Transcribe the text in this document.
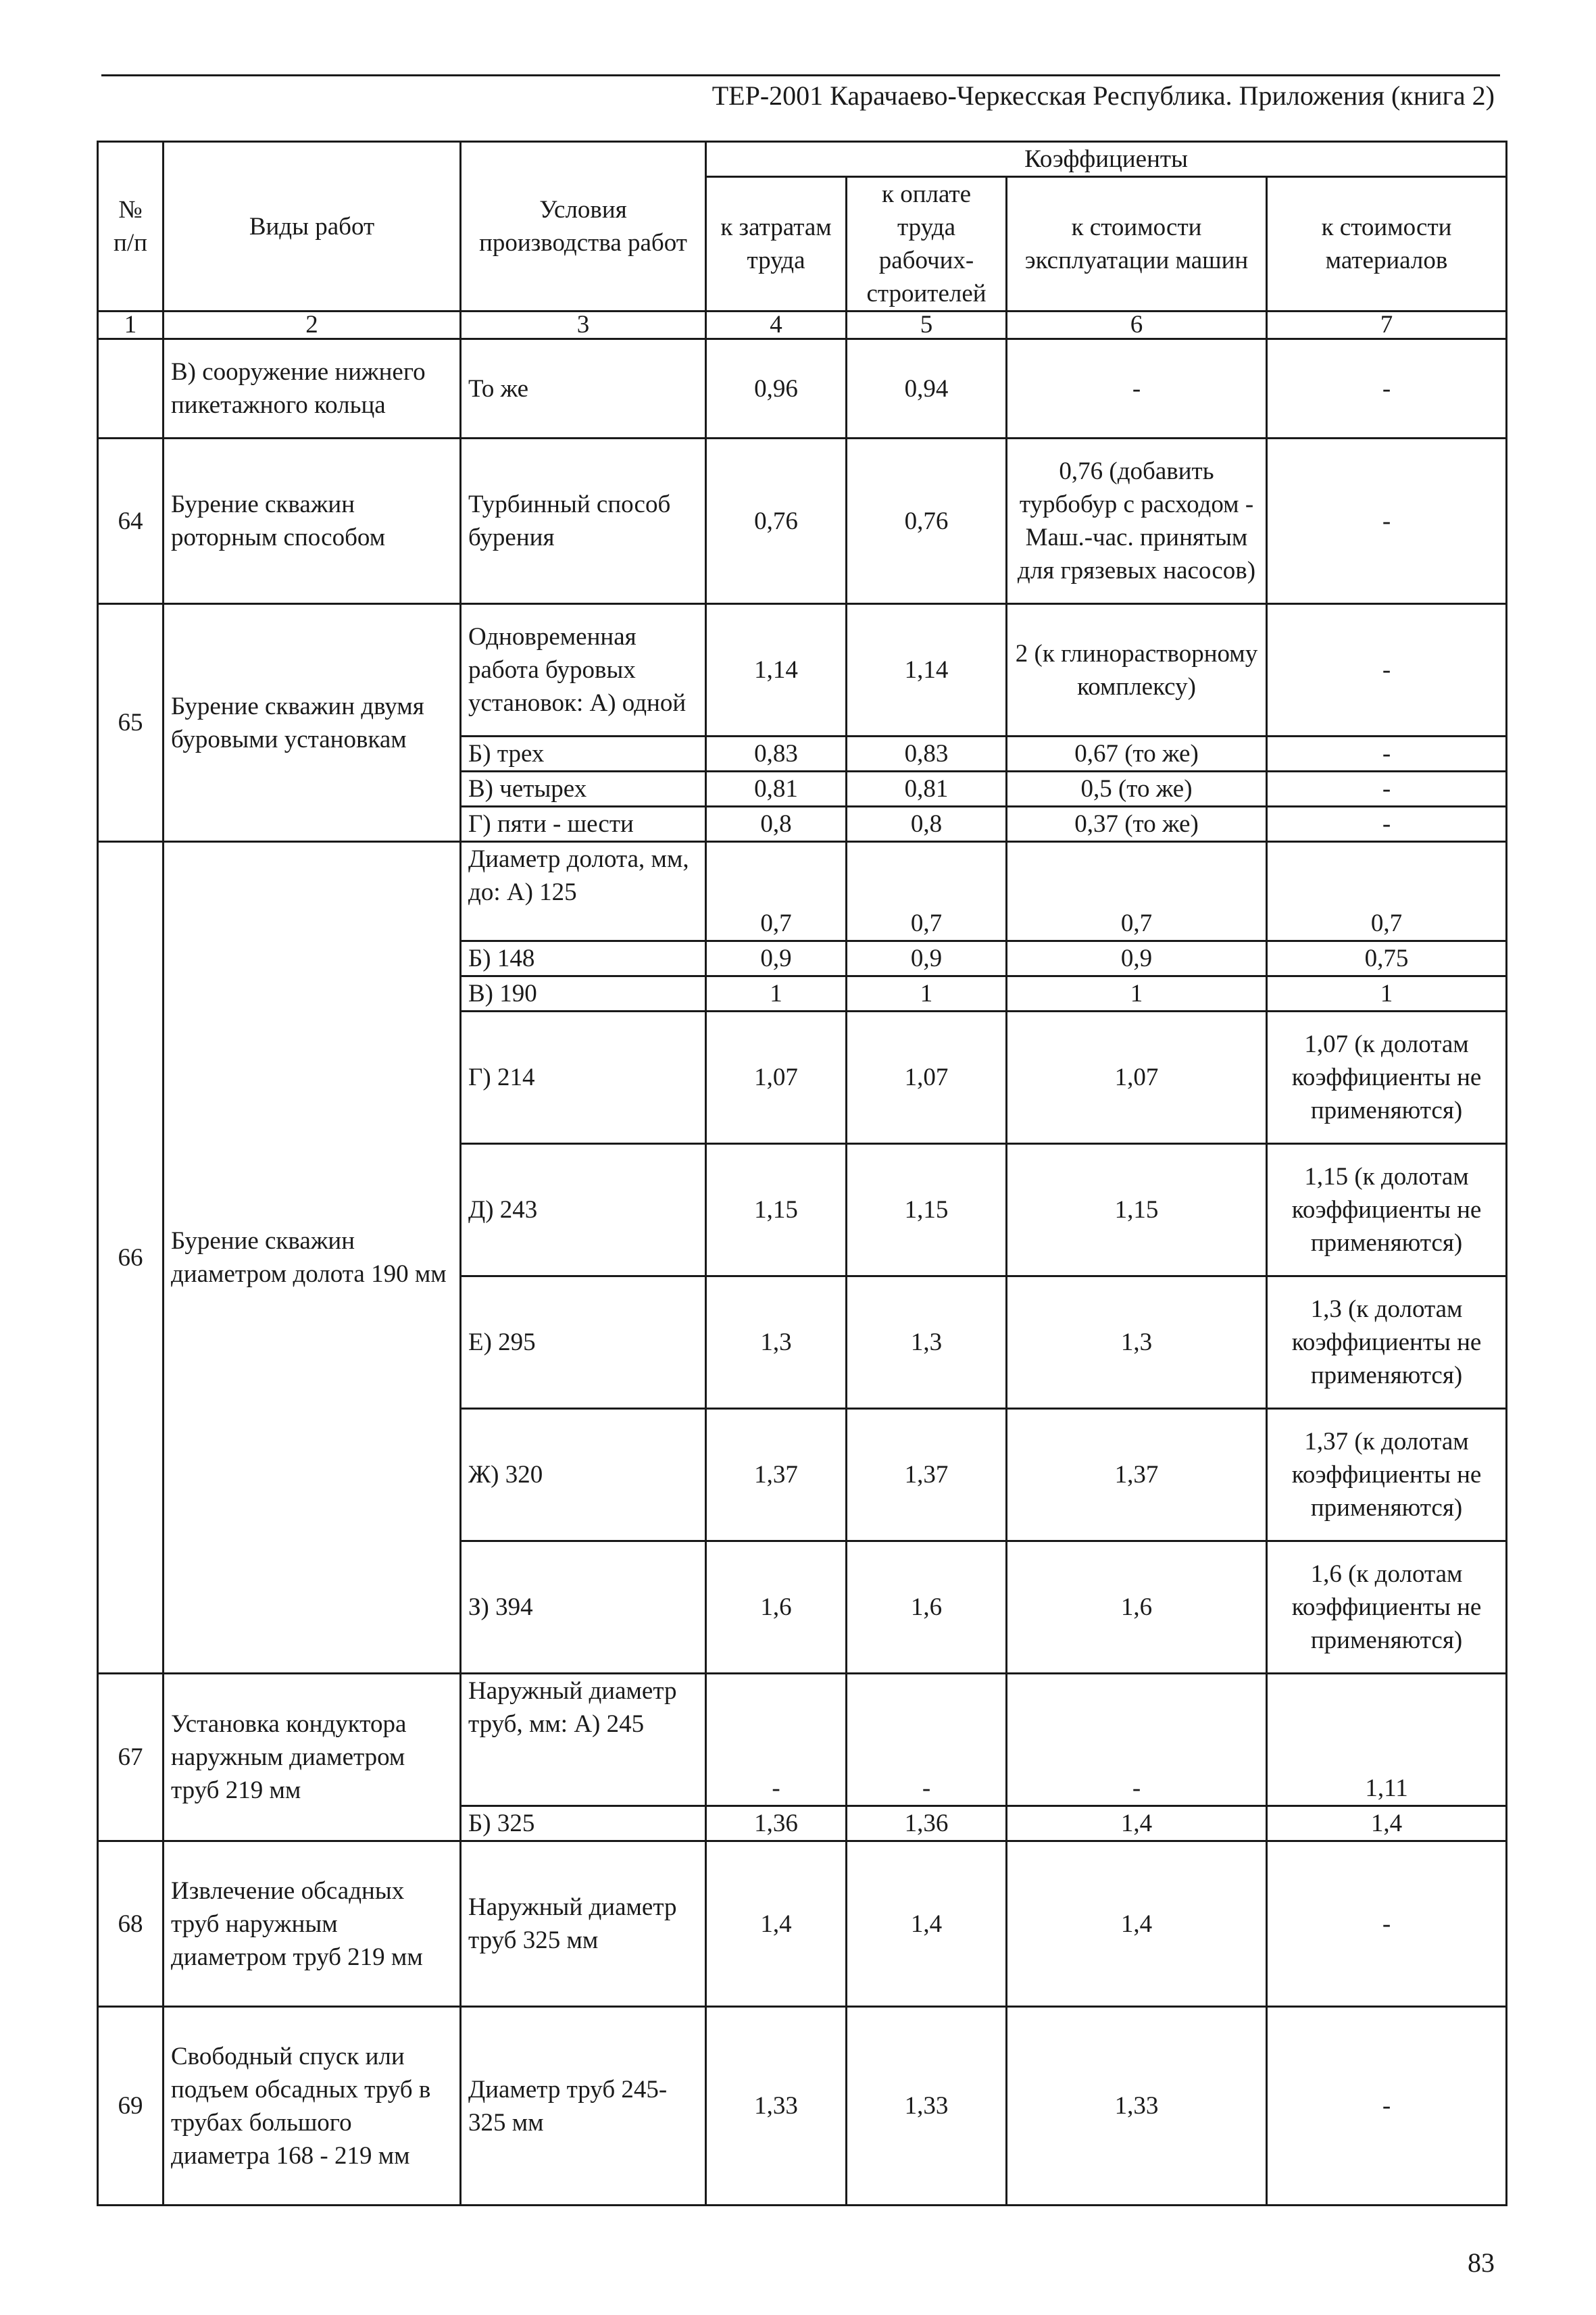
ТЕР-2001 Карачаево-Черкесская Республика. Приложения (книга 2)
№ п/п	Виды работ	Условия производства работ	Коэффициенты			
			к затратам труда	к оплате труда рабочих-строителей	к стоимости эксплуатации машин	к стоимости материалов
1	2	3	4	5	6	7
	В) сооружение нижнего пикетажного кольца	То же	0,96	0,94	-	-
64	Бурение скважин роторным способом	Турбинный способ бурения	0,76	0,76	0,76 (добавить турбобур с расходом - Маш.-час. принятым для грязевых насосов)	-
65	Бурение скважин двумя буровыми установкам	Одновременная работа буровых установок: А) одной	1,14	1,14	2 (к глинорастворному комплексу)	-
		Б) трех	0,83	0,83	0,67 (то же)	-
		В) четырех	0,81	0,81	0,5 (то же)	-
		Г) пяти - шести	0,8	0,8	0,37 (то же)	-
66	Бурение скважин диаметром долота 190 мм	Диаметр долота, мм, до: А) 125	0,7	0,7	0,7	0,7
		Б) 148	0,9	0,9	0,9	0,75
		В) 190	1	1	1	1
		Г) 214	1,07	1,07	1,07	1,07 (к долотам коэффициенты не применяются)
		Д) 243	1,15	1,15	1,15	1,15 (к долотам коэффициенты не применяются)
		Е) 295	1,3	1,3	1,3	1,3 (к долотам коэффициенты не применяются)
		Ж) 320	1,37	1,37	1,37	1,37 (к долотам коэффициенты не применяются)
		З) 394	1,6	1,6	1,6	1,6 (к долотам коэффициенты не применяются)
67	Установка кондуктора наружным диаметром труб 219 мм	Наружный диаметр труб, мм: А) 245	-	-	-	1,11
		Б) 325	1,36	1,36	1,4	1,4
68	Извлечение обсадных труб наружным диаметром труб 219 мм	Наружный диаметр труб 325 мм	1,4	1,4	1,4	-
69	Свободный спуск или подъем обсадных труб в трубах большого диаметра 168 - 219 мм	Диаметр труб 245-325 мм	1,33	1,33	1,33	-
83
